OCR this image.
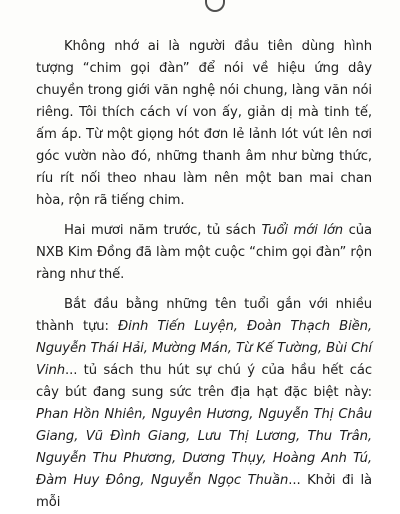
Không nhớ ai là người đầu tiên dùng hình tượng “chim gọi đàn” để nói về hiệu ứng dây chuyền trong giới văn nghệ nói chung, làng văn nói riêng. Tôi thích cách ví von ấy, giản dị mà tinh tế, ấm áp. Từ một giọng hót đơn lẻ lảnh lót vút lên nơi góc vườn nào đó, những thanh âm như bừng thức, ríu rít nối theo nhau làm nên một ban mai chan hòa, rộn rã tiếng chim.

Hai mươi năm trước, tủ sách Tuổi mới lớn của NXB Kim Đồng đã làm một cuộc “chim gọi đàn” rộn ràng như thế.

Bắt đầu bằng những tên tuổi gắn với nhiều thành tựu: Đinh Tiến Luyện, Đoàn Thạch Biền, Nguyễn Thái Hải, Mường Mán, Từ Kế Tường, Bùi Chí Vinh... tủ sách thu hút sự chú ý của hầu hết các cây bút đang sung sức trên địa hạt đặc biệt này: Phan Hồn Nhiên, Nguyên Hương, Nguyễn Thị Châu Giang, Vũ Đình Giang, Lưu Thị Lương, Thu Trân, Nguyễn Thu Phương, Dương Thụy, Hoàng Anh Tú, Đàm Huy Đông, Nguyễn Ngọc Thuần... Khởi đi là mỗi
